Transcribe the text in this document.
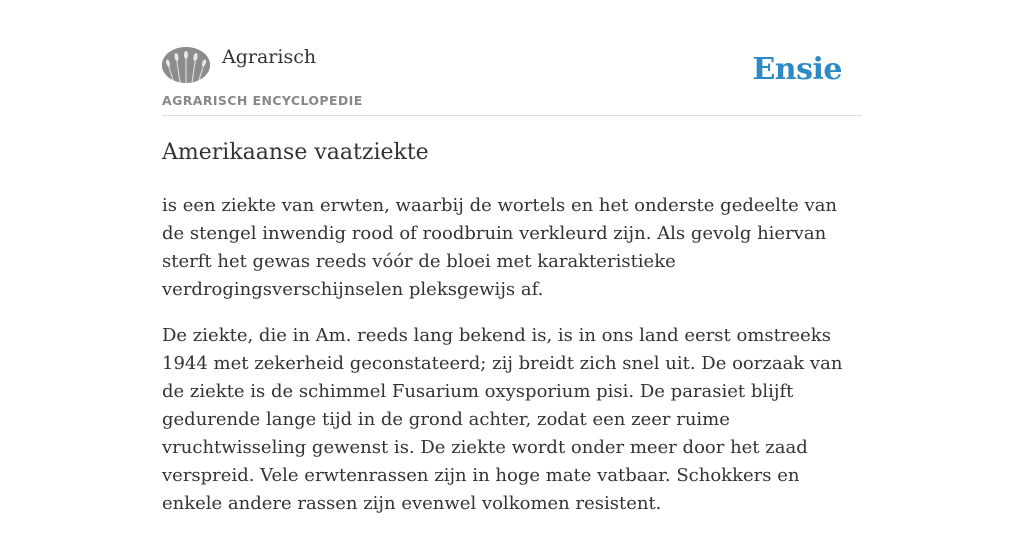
Agrarisch
AGRARISCH ENCYCLOPEDIE
Ensie
Amerikaanse vaatziekte

is een ziekte van erwten, waarbij de wortels en het onderste gedeelte van de stengel inwendig rood of roodbruin verkleurd zijn. Als gevolg hiervan sterft het gewas reeds vóór de bloei met karakteristieke verdrogingsverschijnselen pleksgewijs af.

De ziekte, die in Am. reeds lang bekend is, is in ons land eerst omstreeks 1944 met zekerheid geconstateerd; zij breidt zich snel uit. De oorzaak van de ziekte is de schimmel Fusarium oxysporium pisi. De parasiet blijft gedurende lange tijd in de grond achter, zodat een zeer ruime vruchtwisseling gewenst is. De ziekte wordt onder meer door het zaad verspreid. Vele erwtenrassen zijn in hoge mate vatbaar. Schokkers en enkele andere rassen zijn evenwel volkomen resistent.
